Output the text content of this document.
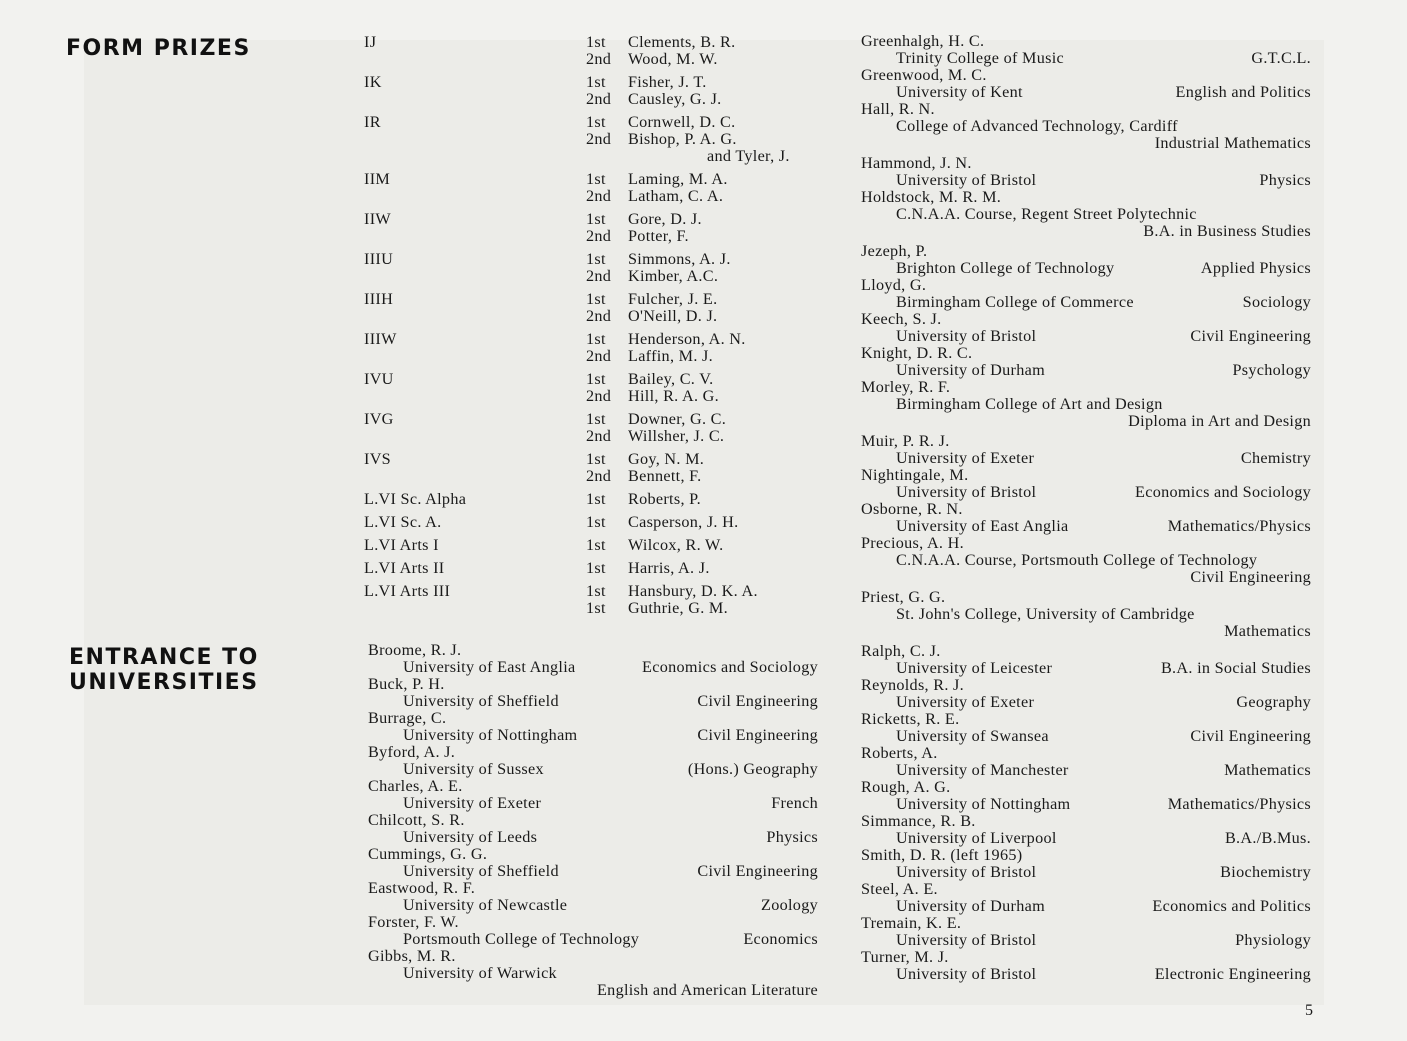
FORM PRIZES
ENTRANCE TO
UNIVERSITIES
IJ	1st Clements, B. R.
2nd Wood, M. W.
IK	1st Fisher, J. T.
2nd Causley, G. J.
IR	1st Cornwell, D. C.
2nd Bishop, P. A. G.
and Tyler, J.
IIM	1st Laming, M. A.
2nd Latham, C. A.
IIW	1st Gore, D. J.
2nd Potter, F.
IIIU	1st Simmons, A. J.
2nd Kimber, A.C.
IIIH	1st Fulcher, J. E.
2nd O'Neill, D. J.
IIIW	1st Henderson, A. N.
2nd Laffin, M. J.
IVU	1st Bailey, C. V.
2nd Hill, R. A. G.
IVG	1st Downer, G. C.
2nd Willsher, J. C.
IVS	1st Goy, N. M.
2nd Bennett, F.
L.VI Sc. Alpha	1st Roberts, P.
L.VI Sc. A.	1st Casperson, J. H.
L.VI Arts I	1st Wilcox, R. W.
L.VI Arts II	1st Harris, A. J.
L.VI Arts III	1st Hansbury, D. K. A.
1st Guthrie, G. M.
Broome, R. J.
University of East Anglia	Economics and Sociology
Buck, P. H.
University of Sheffield	Civil Engineering
Burrage, C.
University of Nottingham	Civil Engineering
Byford, A. J.
University of Sussex	(Hons.) Geography
Charles, A. E.
University of Exeter	French
Chilcott, S. R.
University of Leeds	Physics
Cummings, G. G.
University of Sheffield	Civil Engineering
Eastwood, R. F.
University of Newcastle	Zoology
Forster, F. W.
Portsmouth College of Technology	Economics
Gibbs, M. R.
University of Warwick
English and American Literature
Greenhalgh, H. C.
Trinity College of Music	G.T.C.L.
Greenwood, M. C.
University of Kent	English and Politics
Hall, R. N.
College of Advanced Technology, Cardiff
Industrial Mathematics
Hammond, J. N.
University of Bristol	Physics
Holdstock, M. R. M.
C.N.A.A. Course, Regent Street Polytechnic
B.A. in Business Studies
Jezeph, P.
Brighton College of Technology	Applied Physics
Lloyd, G.
Birmingham College of Commerce	Sociology
Keech, S. J.
University of Bristol	Civil Engineering
Knight, D. R. C.
University of Durham	Psychology
Morley, R. F.
Birmingham College of Art and Design
Diploma in Art and Design
Muir, P. R. J.
University of Exeter	Chemistry
Nightingale, M.
University of Bristol	Economics and Sociology
Osborne, R. N.
University of East Anglia	Mathematics/Physics
Precious, A. H.
C.N.A.A. Course, Portsmouth College of Technology
Civil Engineering
Priest, G. G.
St. John's College, University of Cambridge
Mathematics
Ralph, C. J.
University of Leicester	B.A. in Social Studies
Reynolds, R. J.
University of Exeter	Geography
Ricketts, R. E.
University of Swansea	Civil Engineering
Roberts, A.
University of Manchester	Mathematics
Rough, A. G.
University of Nottingham	Mathematics/Physics
Simmance, R. B.
University of Liverpool	B.A./B.Mus.
Smith, D. R. (left 1965)
University of Bristol	Biochemistry
Steel, A. E.
University of Durham	Economics and Politics
Tremain, K. E.
University of Bristol	Physiology
Turner, M. J.
University of Bristol	Electronic Engineering
5
